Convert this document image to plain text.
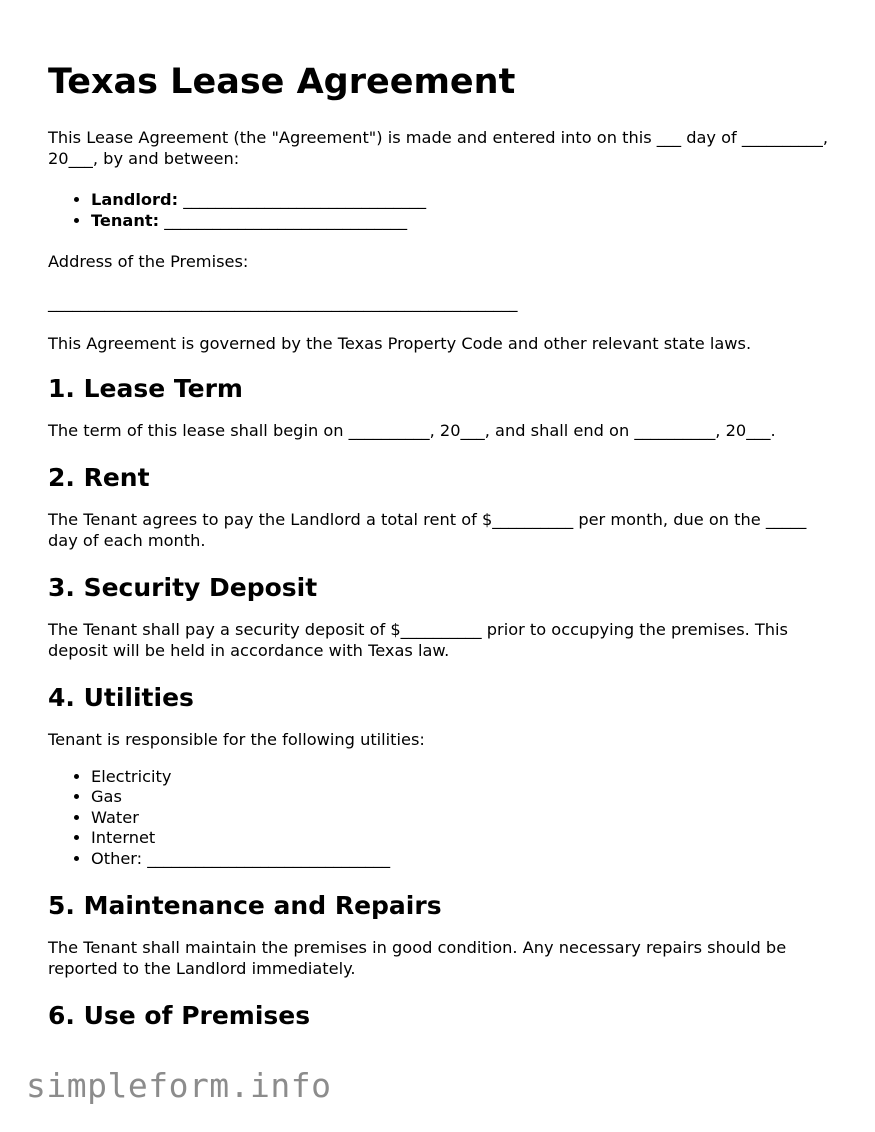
Texas Lease Agreement

This Lease Agreement (the "Agreement") is made and entered into on this ___ day of __________, 20___, by and between:

• Landlord: ______________________________
• Tenant: ______________________________

Address of the Premises:

__________________________________________________________

This Agreement is governed by the Texas Property Code and other relevant state laws.

1. Lease Term

The term of this lease shall begin on __________, 20___, and shall end on __________, 20___.

2. Rent

The Tenant agrees to pay the Landlord a total rent of $__________ per month, due on the _____ day of each month.

3. Security Deposit

The Tenant shall pay a security deposit of $__________ prior to occupying the premises. This deposit will be held in accordance with Texas law.

4. Utilities

Tenant is responsible for the following utilities:

• Electricity
• Gas
• Water
• Internet
• Other: ______________________________
5. Maintenance and Repairs

The Tenant shall maintain the premises in good condition. Any necessary repairs should be reported to the Landlord immediately.

6. Use of Premises
simpleform.info
